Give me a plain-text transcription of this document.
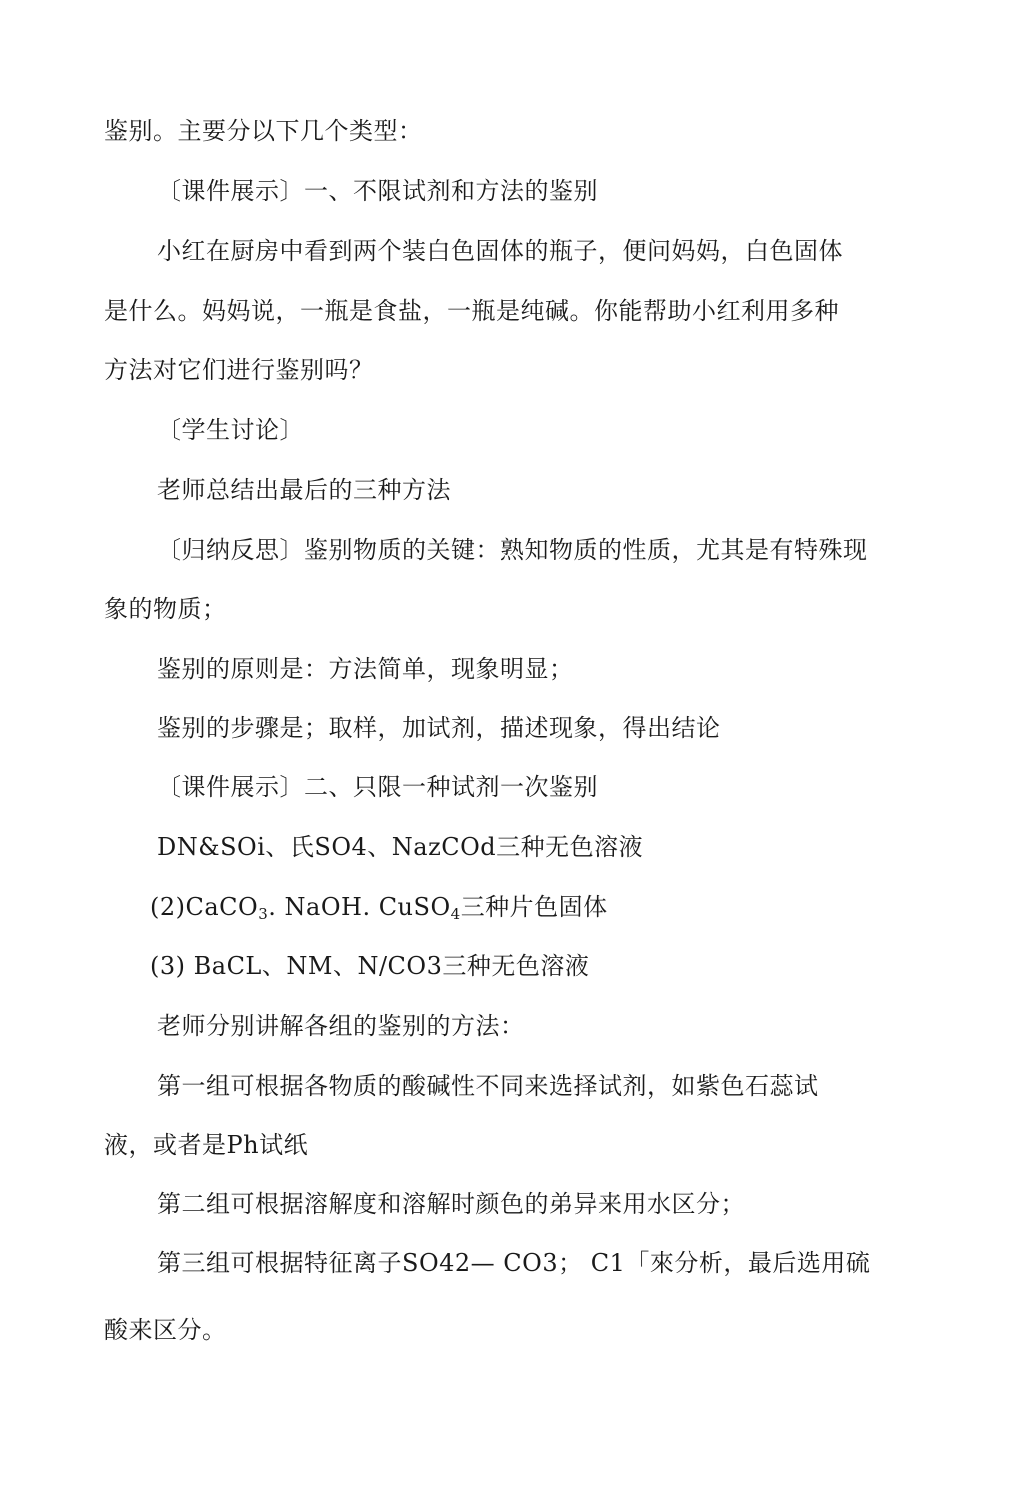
鉴别。主要分以下几个类型：
〔课件展示〕一、不限试剂和方法的鉴别
小红在厨房中看到两个装白色固体的瓶子，便问妈妈，白色固体
是什么。妈妈说，一瓶是食盐，一瓶是纯碱。你能帮助小红利用多种
方法对它们进行鉴别吗？
〔学生讨论〕
老师总结出最后的三种方法
〔归纳反思〕鉴别物质的关键：熟知物质的性质，尤其是有特殊现
象的物质；
鉴别的原则是：方法简单，现象明显；
鉴别的步骤是；取样，加试剂，描述现象，得出结论
〔课件展示〕二、只限一种试剂一次鉴别
DN&SOi、氏SO4、NazCOd三种无色溶液
(2)CaCO$_3$. NaOH. CuSO$_4$三种片色固体
(3) BaCL、NM、N/CO3三种无色溶液
老师分别讲解各组的鉴别的方法：
第一组可根据各物质的酸碱性不同来选择试剂，如紫色石蕊试
液，或者是Ph试纸
第二组可根据溶解度和溶解时颜色的弟异来用水区分；
第三组可根据特征离子SO42— CO3； C1「來分析，最后选用硫
酸来区分。
